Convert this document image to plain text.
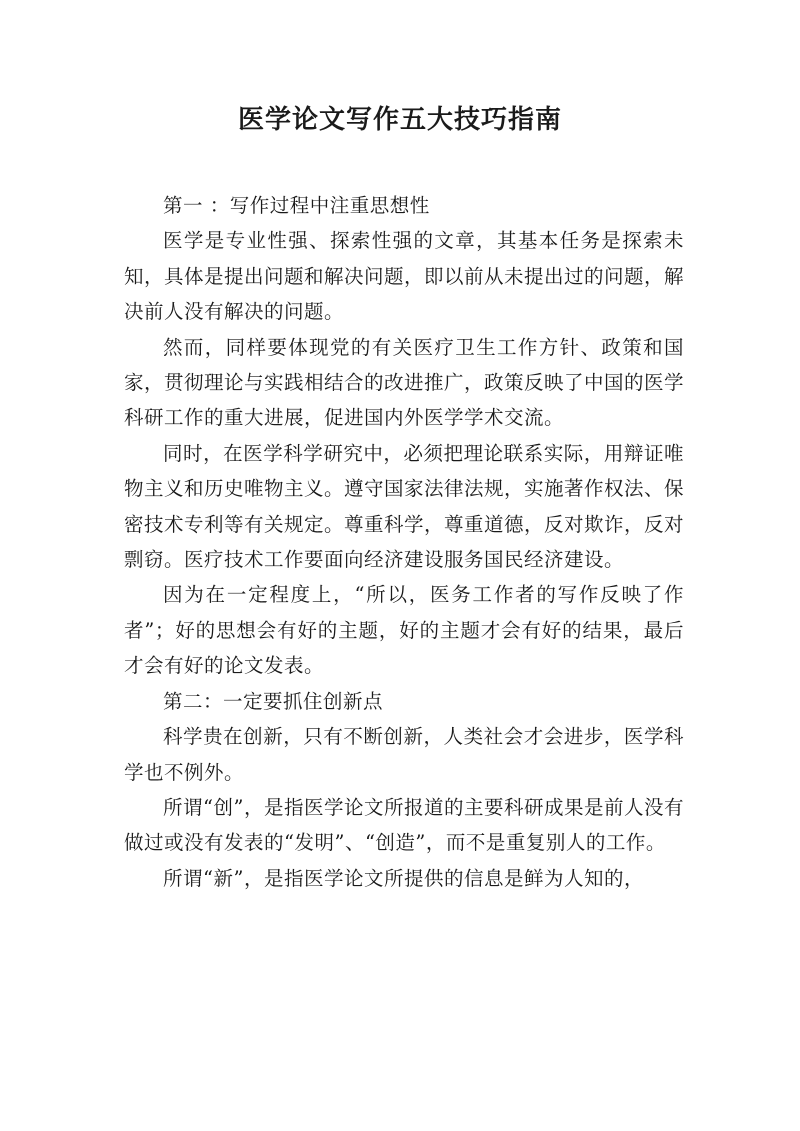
医学论文写作五大技巧指南

第一 ：写作过程中注重思想性

医学是专业性强、探索性强的文章，其基本任务是探索未知，具体是提出问题和解决问题，即以前从未提出过的问题，解决前人没有解决的问题。

然而，同样要体现党的有关医疗卫生工作方针、政策和国家，贯彻理论与实践相结合的改进推广，政策反映了中国的医学科研工作的重大进展，促进国内外医学学术交流。

同时，在医学科学研究中，必须把理论联系实际，用辩证唯物主义和历史唯物主义。遵守国家法律法规，实施著作权法、保密技术专利等有关规定。尊重科学，尊重道德，反对欺诈，反对剽窃。医疗技术工作要面向经济建设服务国民经济建设。

因为在一定程度上，“所以，医务工作者的写作反映了作者”；好的思想会有好的主题，好的主题才会有好的结果，最后才会有好的论文发表。

第二：一定要抓住创新点

科学贵在创新，只有不断创新，人类社会才会进步，医学科学也不例外。

所谓“创”，是指医学论文所报道的主要科研成果是前人没有做过或没有发表的“发明”、“创造”，而不是重复别人的工作。

所谓“新”，是指医学论文所提供的信息是鲜为人知的，
